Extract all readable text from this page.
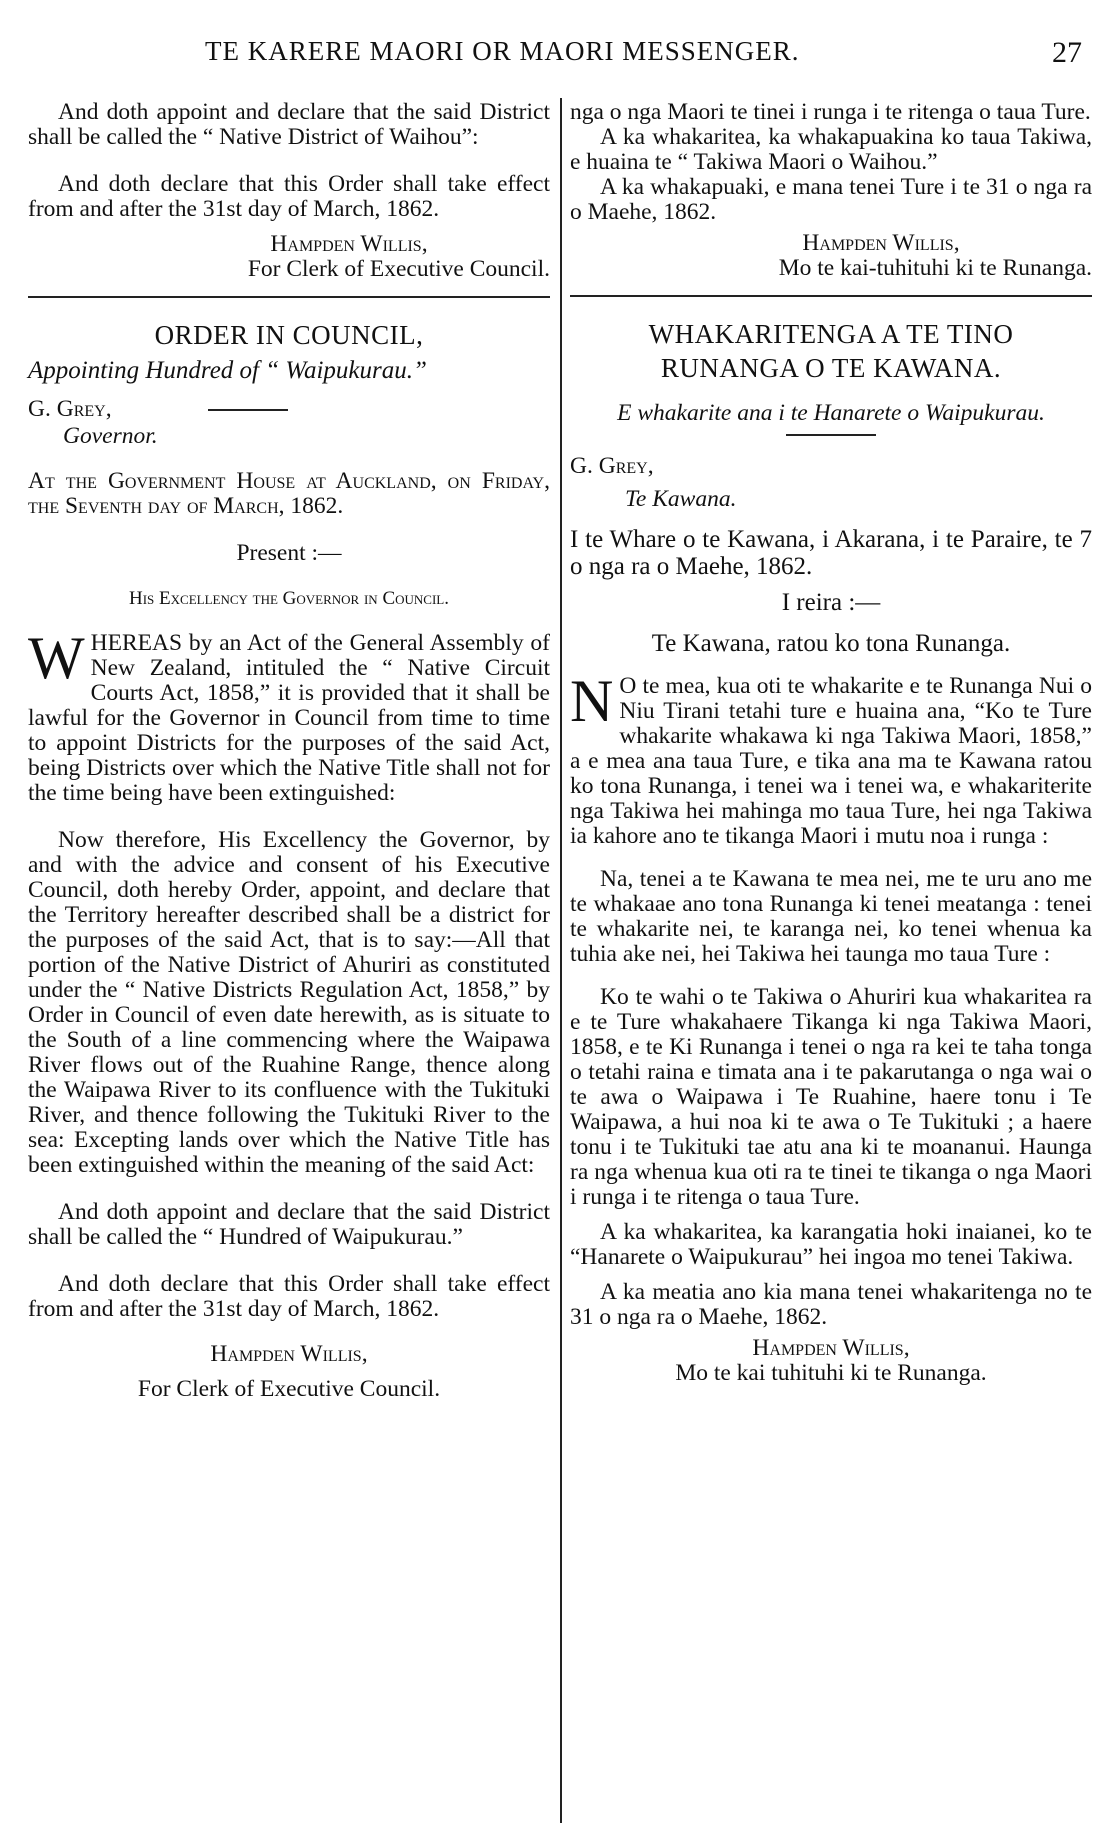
TE KARERE MAORI OR MAORI MESSENGER.	27

And doth appoint and declare that the said District shall be called the “ Native District of Waihou”:

And doth declare that this Order shall take effect from and after the 31st day of March, 1862.

Hampden Willis,

For Clerk of Executive Council.

ORDER IN COUNCIL,

Appointing Hundred of “ Waipukurau.”

G. Grey,
Governor.

At the Government House at Auckland, on Friday, the Seventh day of March, 1862.

Present :—

His Excellency the Governor in Council.

WHEREAS by an Act of the General Assembly of New Zealand, intituled the “ Native Circuit Courts Act, 1858,” it is provided that it shall be lawful for the Governor in Council from time to time to appoint Districts for the purposes of the said Act, being Districts over which the Native Title shall not for the time being have been extinguished:

Now therefore, His Excellency the Governor, by and with the advice and consent of his Executive Council, doth hereby Order, appoint, and declare that the Territory hereafter described shall be a district for the purposes of the said Act, that is to say:—All that portion of the Native District of Ahuriri as constituted under the “ Native Districts Regulation Act, 1858,” by Order in Council of even date herewith, as is situate to the South of a line commencing where the Waipawa River flows out of the Ruahine Range, thence along the Waipawa River to its confluence with the Tukituki River, and thence following the Tukituki River to the sea: Excepting lands over which the Native Title has been extinguished within the meaning of the said Act:

And doth appoint and declare that the said District shall be called the “ Hundred of Waipukurau.”

And doth declare that this Order shall take effect from and after the 31st day of March, 1862.

Hampden Willis,

For Clerk of Executive Council.

nga o nga Maori te tinei i runga i te ritenga o taua Ture.

A ka whakaritea, ka whakapuakina ko taua Takiwa, e huaina te “ Takiwa Maori o Waihou.”

A ka whakapuaki, e mana tenei Ture i te 31 o nga ra o Maehe, 1862.

Hampden Willis,

Mo te kai-tuhituhi ki te Runanga.

WHAKARITENGA A TE TINO RUNANGA O TE KAWANA.

E whakarite ana i te Hanarete o Waipukurau.

G. Grey,

Te Kawana.

I te Whare o te Kawana, i Akarana, i te Paraire, te 7 o nga ra o Maehe, 1862.

I reira :—

Te Kawana, ratou ko tona Runanga.

N O te mea, kua oti te whakarite e te Runanga Nui o Niu Tirani tetahi ture e huaina ana, “Ko te Ture whakarite whakawa ki nga Takiwa Maori, 1858,” a e mea ana taua Ture, e tika ana ma te Kawana ratou ko tona Runanga, i tenei wa i tenei wa, e whakariterite nga Takiwa hei mahinga mo taua Ture, hei nga Takiwa ia kahore ano te tikanga Maori i mutu noa i runga :

Na, tenei a te Kawana te mea nei, me te uru ano me te whakaae ano tona Runanga ki tenei meatanga : tenei te whakarite nei, te karanga nei, ko tenei whenua ka tuhia ake nei, hei Takiwa hei taunga mo taua Ture :

Ko te wahi o te Takiwa o Ahuriri kua whakaritea ra e te Ture whakahaere Tikanga ki nga Takiwa Maori, 1858, e te Ki Runanga i tenei o nga ra kei te taha tonga o tetahi raina e timata ana i te pakarutanga o nga wai o te awa o Waipawa i Te Ruahine, haere tonu i Te Waipawa, a hui noa ki te awa o Te Tukituki ; a haere tonu i te Tukituki tae atu ana ki te moananui. Haunga ra nga whenua kua oti ra te tinei te tikanga o nga Maori i runga i te ritenga o taua Ture.

A ka whakaritea, ka karangatia hoki inaianei, ko te “Hanarete o Waipukurau” hei ingoa mo tenei Takiwa.

A ka meatia ano kia mana tenei whakaritenga no te 31 o nga ra o Maehe, 1862.

Hampden Willis,

Mo te kai tuhituhi ki te Runanga.
